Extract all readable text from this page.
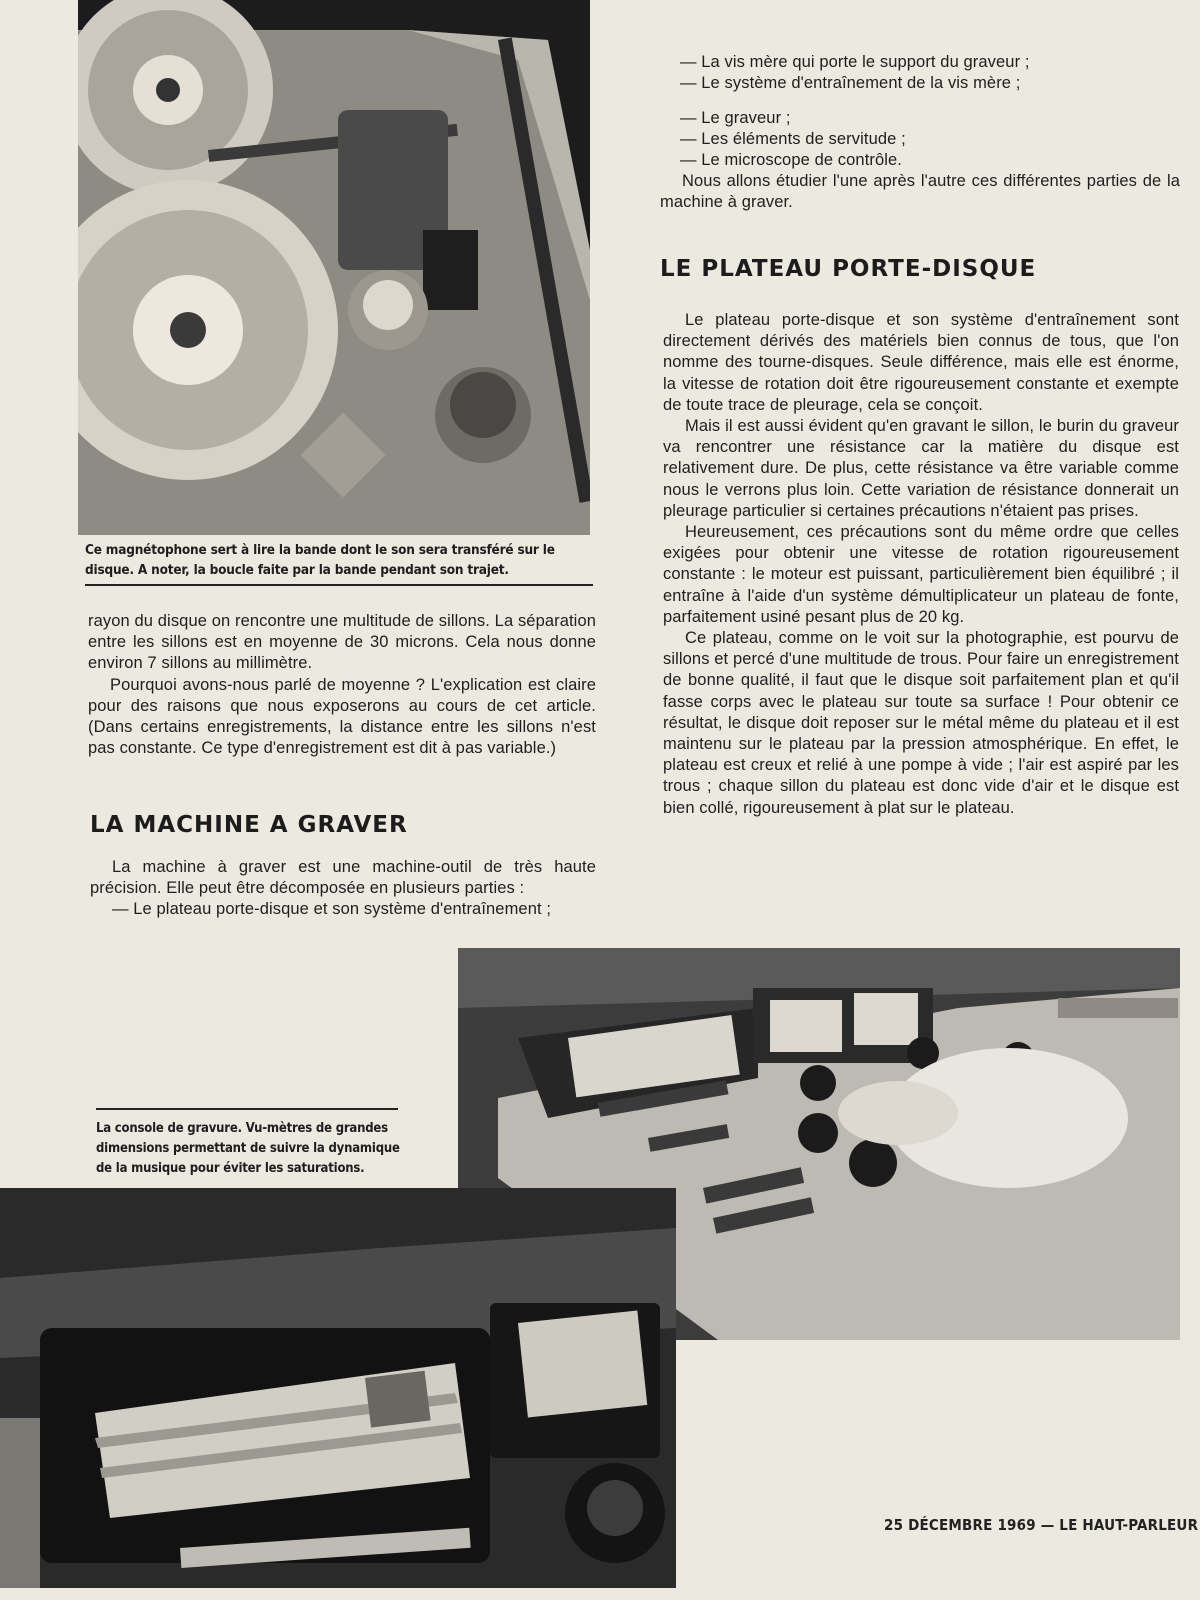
Ce magnétophone sert à lire la bande dont le son sera transféré sur le disque. A noter, la boucle faite par la bande pendant son trajet.

— La vis mère qui porte le support du graveur ;

— Le système d'entraînement de la vis mère ;

— Le graveur ;

— Les éléments de servitude ;

— Le microscope de contrôle.

Nous allons étudier l'une après l'autre ces différentes parties de la machine à graver.

LE PLATEAU PORTE-DISQUE

Le plateau porte-disque et son système d'entraînement sont directement dérivés des matériels bien connus de tous, que l'on nomme des tourne-disques. Seule différence, mais elle est énorme, la vitesse de rotation doit être rigoureusement constante et exempte de toute trace de pleurage, cela se conçoit.

Mais il est aussi évident qu'en gravant le sillon, le burin du graveur va rencontrer une résistance car la matière du disque est relativement dure. De plus, cette résistance va être variable comme nous le verrons plus loin. Cette variation de résistance donnerait un pleurage particulier si certaines précautions n'étaient pas prises.

Heureusement, ces précautions sont du même ordre que celles exigées pour obtenir une vitesse de rotation rigoureusement constante : le moteur est puissant, particulièrement bien équilibré ; il entraîne à l'aide d'un système démultiplicateur un plateau de fonte, parfaitement usiné pesant plus de 20 kg.

Ce plateau, comme on le voit sur la photographie, est pourvu de sillons et percé d'une multitude de trous. Pour faire un enregistrement de bonne qualité, il faut que le disque soit parfaitement plan et qu'il fasse corps avec le plateau sur toute sa surface ! Pour obtenir ce résultat, le disque doit reposer sur le métal même du plateau et il est maintenu sur le plateau par la pression atmosphérique. En effet, le plateau est creux et relié à une pompe à vide ; l'air est aspiré par les trous ; chaque sillon du plateau est donc vide d'air et le disque est bien collé, rigoureusement à plat sur le plateau.

rayon du disque on rencontre une multitude de sillons. La séparation entre les sillons est en moyenne de 30 microns. Cela nous donne environ 7 sillons au millimètre.

Pourquoi avons-nous parlé de moyenne ? L'explication est claire pour des raisons que nous exposerons au cours de cet article. (Dans certains enregistrements, la distance entre les sillons n'est pas constante. Ce type d'enregistrement est dit à pas variable.)

LA MACHINE A GRAVER

La machine à graver est une machine-outil de très haute précision. Elle peut être décomposée en plusieurs parties :

— Le plateau porte-disque et son système d'entraînement ;

La console de gravure. Vu-mètres de grandes dimensions permettant de suivre la dynamique de la musique pour éviter les saturations.
25 DÉCEMBRE 1969 — LE HAUT-PARLEUR
